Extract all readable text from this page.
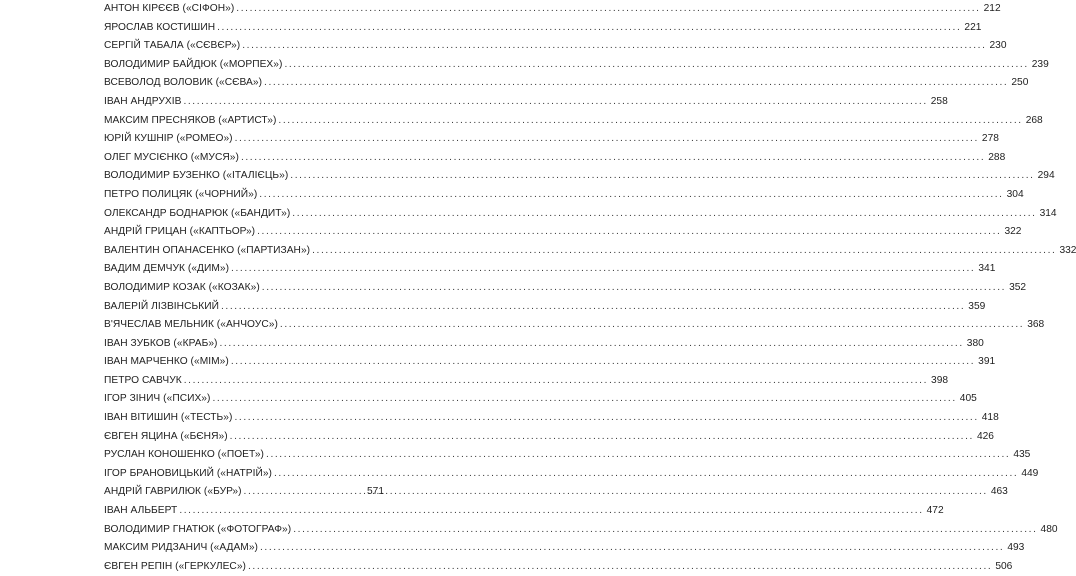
АНТОН КІРЄЄВ («СІФОН») .....	212
ЯРОСЛАВ КОСТИШИН .....	221
СЕРГІЙ ТАБАЛА («СЄВЄР») .....	230
ВОЛОДИМИР БАЙДЮК («МОРПЕХ») .....	239
ВСЕВОЛОД ВОЛОВИК («СЄВА») .....	250
ІВАН АНДРУХІВ .....	258
МАКСИМ ПРЕСНЯКОВ («АРТИСТ») .....	268
ЮРІЙ КУШНІР («РОМЕО») .....	278
ОЛЕГ МУСІЄНКО («МУСЯ») .....	288
ВОЛОДИМИР БУЗЕНКО («ІТАЛІЄЦЬ») .....	294
ПЕТРО ПОЛИЦЯК («ЧОРНИЙ») .....	304
ОЛЕКСАНДР БОДНАРЮК («БАНДИТ») .....	314
АНДРІЙ ГРИЦАН («КАПТЬОР») .....	322
ВАЛЕНТИН ОПАНАСЕНКО («ПАРТИЗАН») .....	332
ВАДИМ ДЕМЧУК («ДИМ») .....	341
ВОЛОДИМИР КОЗАК («КОЗАК») .....	352
ВАЛЕРІЙ ЛІЗВІНСЬКИЙ .....	359
В'ЯЧЕСЛАВ МЕЛЬНИК («АНЧОУС») .....	368
ІВАН ЗУБКОВ («КРАБ») .....	380
ІВАН МАРЧЕНКО («МІМ») .....	391
ПЕТРО САВЧУК .....	398
ІГОР ЗІНИЧ («ПСИХ») .....	405
ІВАН ВІТИШИН («ТЕСТЬ») .....	418
ЄВГЕН ЯЦИНА («БЄНЯ») .....	426
РУСЛАН КОНОШЕНКО («ПОЕТ») .....	435
ІГОР БРАНОВИЦЬКИЙ («НАТРІЙ») .....	449
АНДРІЙ ГАВРИЛЮК («БУР») .....	463
ІВАН АЛЬБЕРТ .....	472
ВОЛОДИМИР ГНАТЮК («ФОТОГРАФ») .....	480
МАКСИМ РИДЗАНИЧ («АДАМ») .....	493
ЄВГЕН РЕПІН («ГЕРКУЛЕС») .....	506
571
